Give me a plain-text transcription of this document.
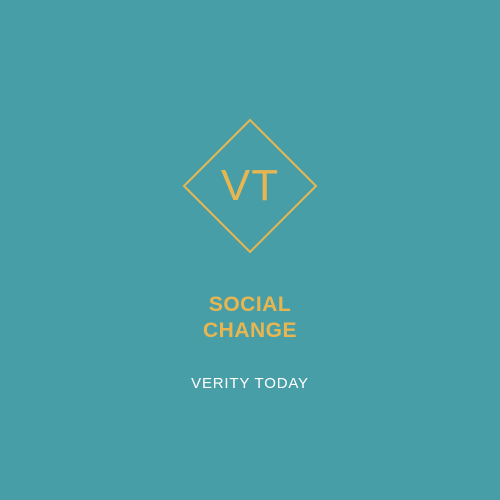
VT
SOCIAL
CHANGE
VERITY TODAY
